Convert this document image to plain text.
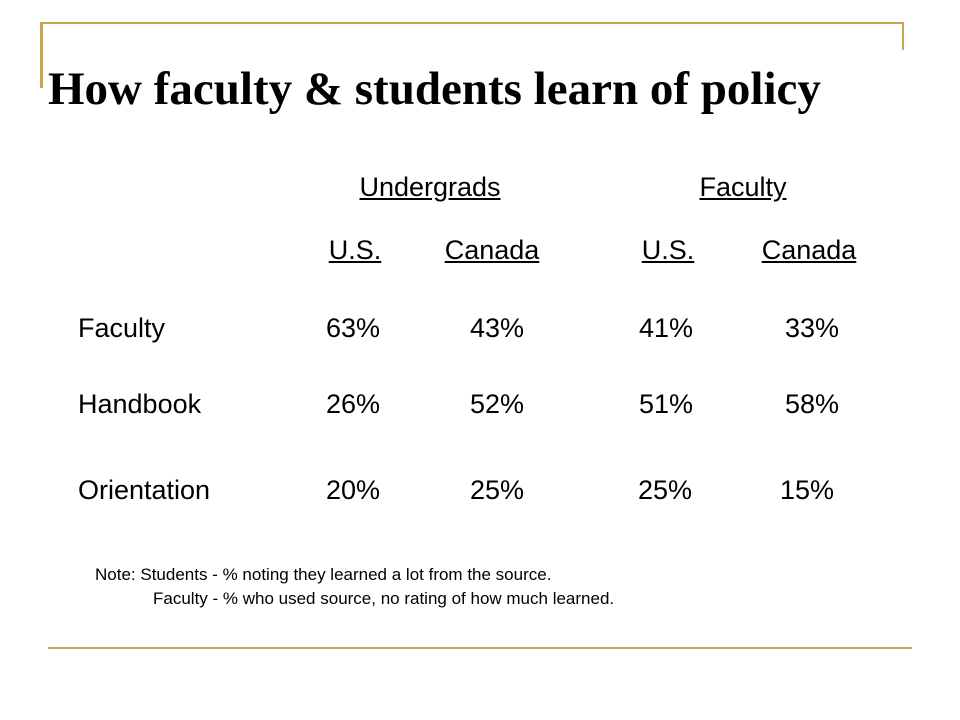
How faculty & students learn of policy
Undergrads	Faculty
U.S. Canada	U.S. Canada
Faculty	63%	43%	41%	33%
Handbook	26%	52%	51%	58%
Orientation	20%	25%	25%	15%
Note: Students - % noting they learned a lot from the source.
Faculty - % who used source, no rating of how much learned.
